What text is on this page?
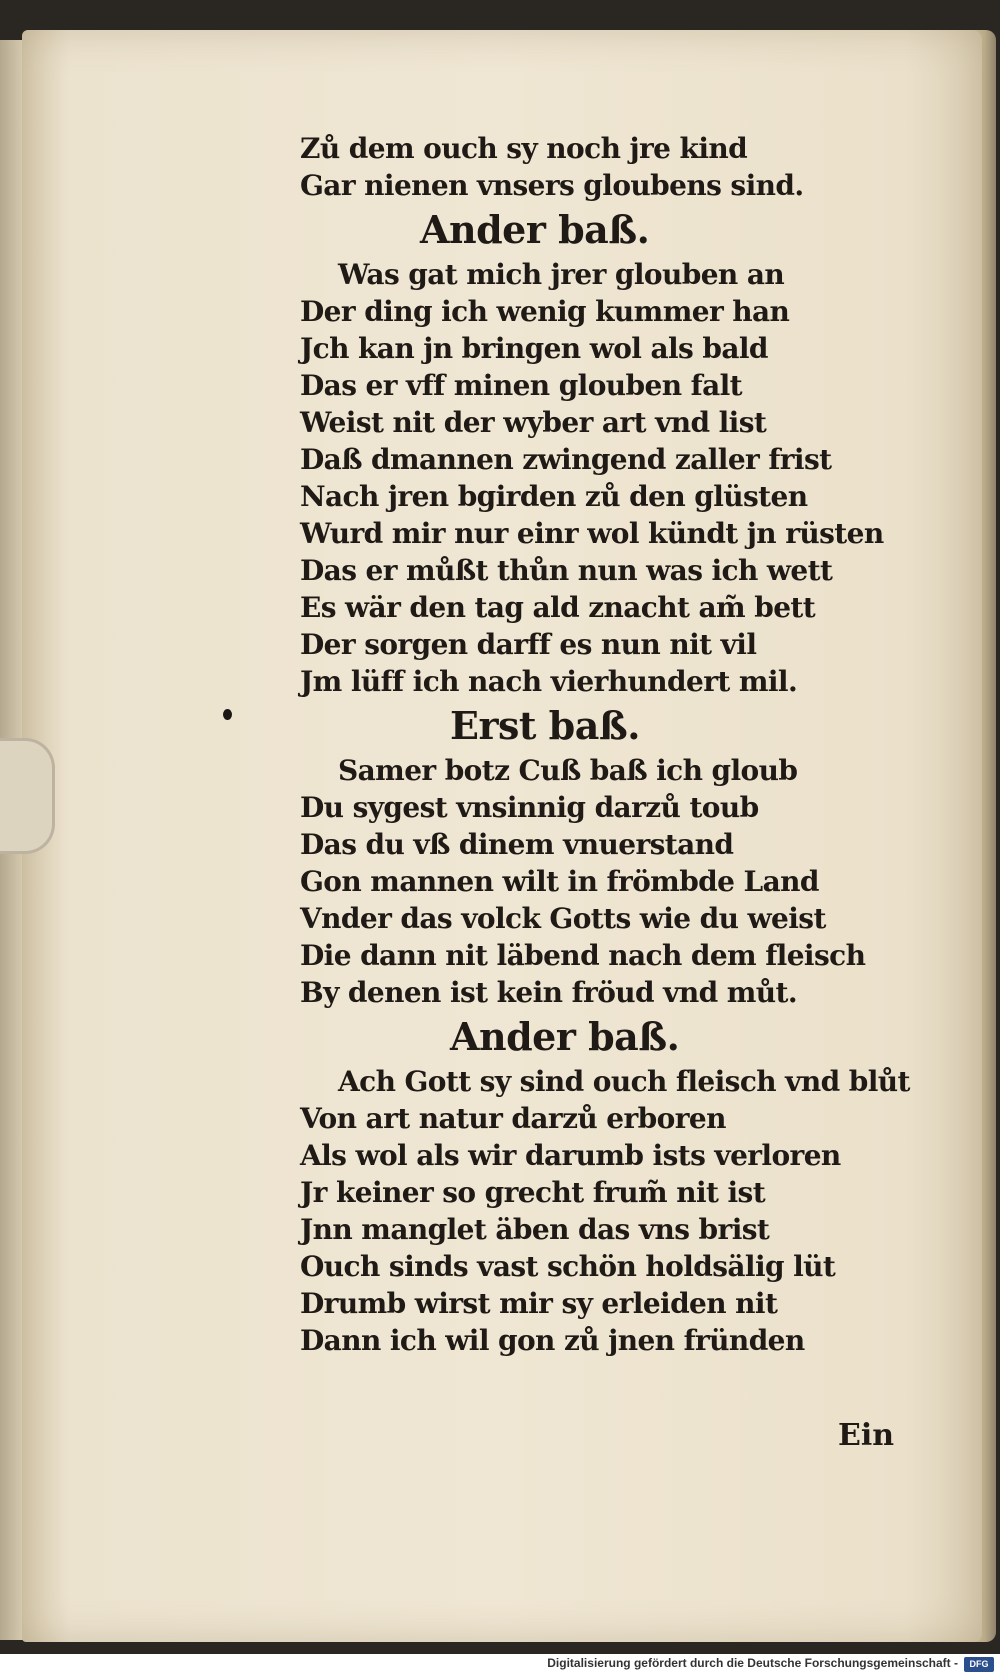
Zů dem ouch sy noch jre kind
Gar nienen vnsers gloubens sind.
Ander baß.
Was gat mich jrer glouben an
Der ding ich wenig kummer han
Jch kan jn bringen wol als bald
Das er vff minen glouben falt
Weist nit der wyber art vnd list
Daß dmannen zwingend zaller frist
Nach jren bgirden zů den glüsten
Wurd mir nur einr wol kündt jn rüsten
Das er můßt thůn nun was ich wett
Es wär den tag ald znacht am̃ bett
Der sorgen darff es nun nit vil
Jm lüff ich nach vierhundert mil.
Erst baß.
Samer botz Cuß baß ich gloub
Du sygest vnsinnig darzů toub
Das du vß dinem vnuerstand
Gon mannen wilt in frömbde Land
Vnder das volck Gotts wie du weist
Die dann nit läbend nach dem fleisch
By denen ist kein fröud vnd můt.
Ander baß.
Ach Gott sy sind ouch fleisch vnd blůt
Von art natur darzů erboren
Als wol als wir darumb ists verloren
Jr keiner so grecht frum̃ nit ist
Jnn manglet äben das vns brist
Ouch sinds vast schön holdsälig lüt
Drumb wirst mir sy erleiden nit
Dann ich wil gon zů jnen fründen
Ein
Digitalisierung gefördert durch die Deutsche Forschungsgemeinschaft -	DFG
